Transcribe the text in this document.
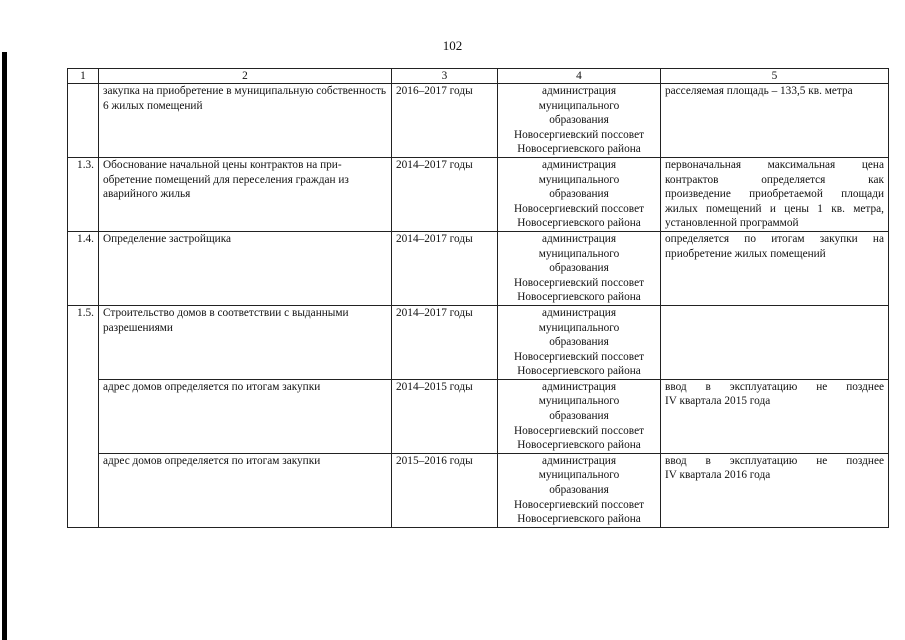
102
1	2	3	4	5
	закупка на приобретение в муниципальную собственность 6 жилых помещений	2016–2017 годы	администрация
муниципального
образования
Новосергиевский поссовет
Новосергиевского района	расселяемая площадь – 133,5 кв. метра

1.3.	Обоснование начальной цены контрактов на при-
обретение помещений для переселения граждан из
аварийного жилья	2014–2017 годы	администрация
муниципального
образования
Новосергиевский поссовет
Новосергиевского района	первоначальная максимальная цена
контрактов определяется как
произведение приобретаемой площади
жилых помещений и цены 1 кв. метра,
установленной программой

1.4.	Определение застройщика	2014–2017 годы	администрация
муниципального
образования
Новосергиевский поссовет
Новосергиевского района	определяется по итогам закупки на
приобретение жилых помещений

1.5.	Строительство домов в соответствии с выданными
разрешениями	2014–2017 годы	администрация
муниципального
образования
Новосергиевский поссовет
Новосергиевского района	
	адрес домов определяется по итогам закупки	2014–2015 годы	администрация
муниципального
образования
Новосергиевский поссовет
Новосергиевского района	ввод в эксплуатацию не позднее
IV квартала 2015 года

	адрес домов определяется по итогам закупки	2015–2016 годы	администрация
муниципального
образования
Новосергиевский поссовет
Новосергиевского района	ввод в эксплуатацию не позднее
IV квартала 2016 года
